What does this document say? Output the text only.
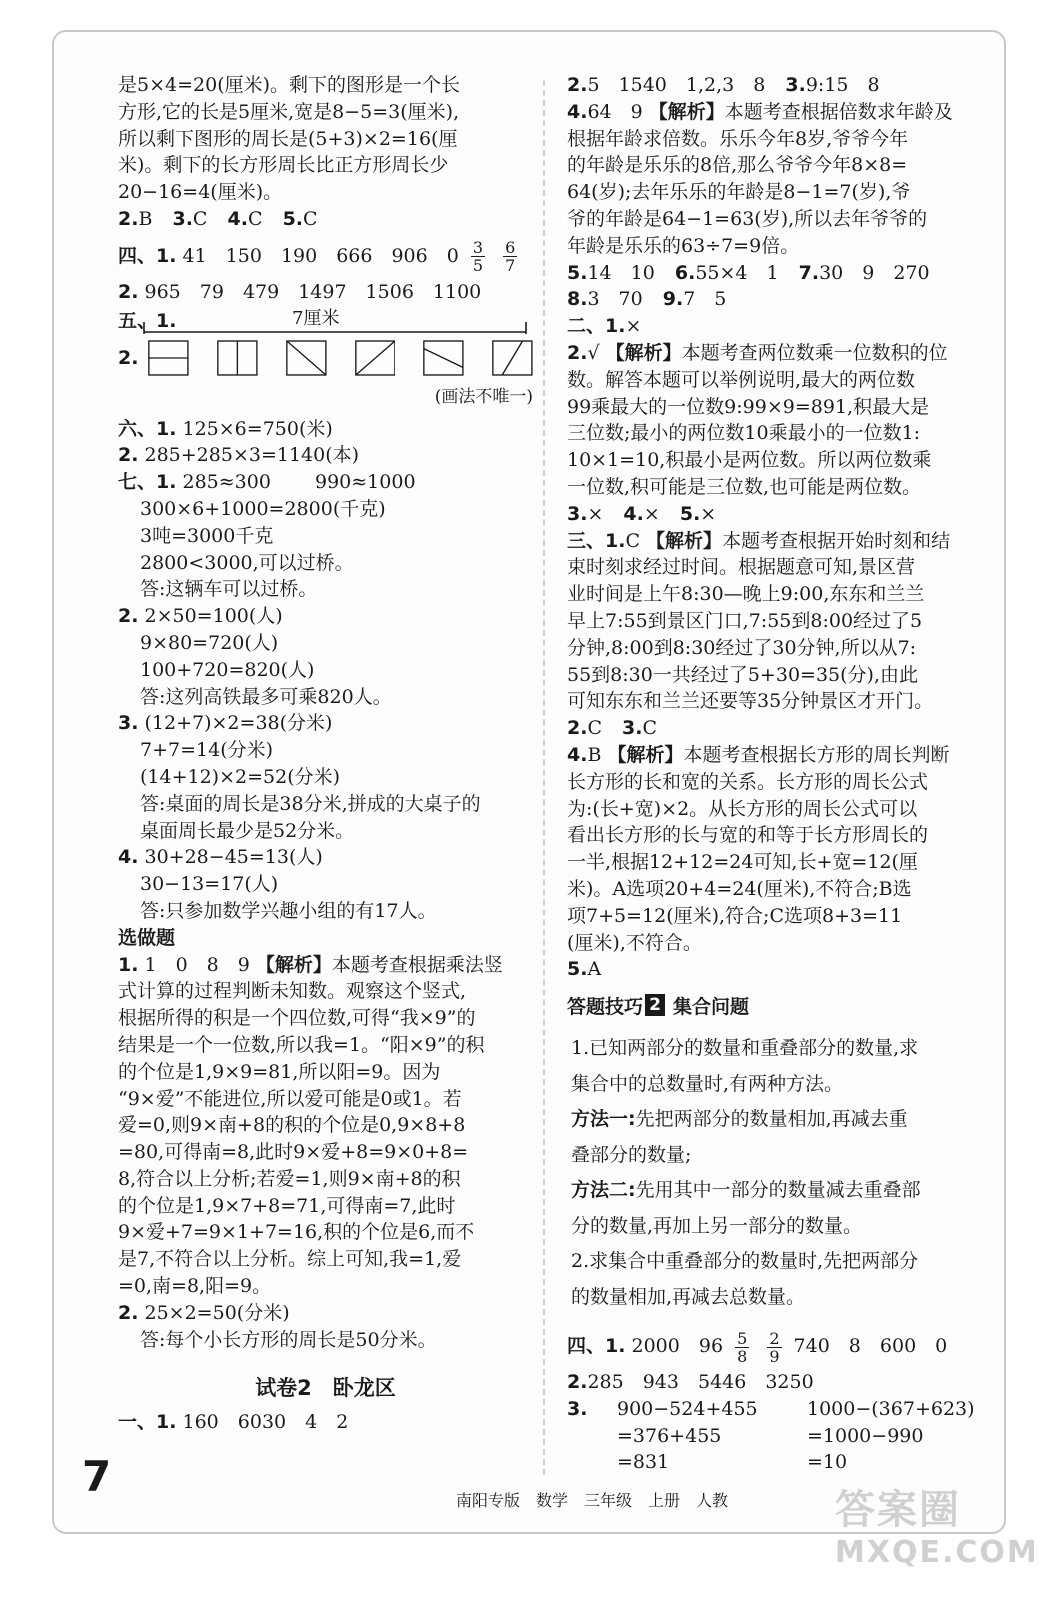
是5×4=20(厘米)。剩下的图形是一个长
方形,它的长是5厘米,宽是8−5=3(厘米),
所以剩下图形的周长是(5+3)×2=16(厘
米)。剩下的长方形周长比正方形周长少
20−16=4(厘米)。
2.B 3.C 4.C 5.C
四、1. 41　150　190　666　906　$0 \frac{3}{5}$
$\frac{6}{7}$
2. 965　79　479　1497　1506　1100
五、1.	7厘米
2.
(画法不唯一)
六、1. 125×6=750(米)
2. 285+285×3=1140(本)
七、1. 285≈300　　 990≈1000
300×6+1000=2800(千克)
3吨=3000千克
2800<3000,可以过桥。
答:这辆车可以过桥。
2. 2×50=100(人)
9×80=720(人)
100+720=820(人)
答:这列高铁最多可乘820人。
3. (12+7)×2=38(分米)
7+7=14(分米)
(14+12)×2=52(分米)
答:桌面的周长是38分米,拼成的大桌子的
桌面周长最少是52分米。
4. 30+28−45=13(人)
30−13=17(人)
答:只参加数学兴趣小组的有17人。
选做题
1. 1　0　8　9 【解析】本题考查根据乘法竖
式计算的过程判断未知数。观察这个竖式,
根据所得的积是一个四位数,可得“我×9”的
结果是一个一位数,所以我=1。“阳×9”的积
的个位是1,9×9=81,所以阳=9。因为
“9×爱”不能进位,所以爱可能是0或1。若
爱=0,则9×南+8的积的个位是0,9×8+8
=80,可得南=8,此时9×爱+8=9×0+8=
8,符合以上分析;若爱=1,则9×南+8的积
的个位是1,9×7+8=71,可得南=7,此时
9×爱+7=9×1+7=16,积的个位是6,而不
是7,不符合以上分析。综上可知,我=1,爱
=0,南=8,阳=9。
2. 25×2=50(分米)
答:每个小长方形的周长是50分米。
试卷2　卧龙区
一、1. 160　6030　4　2
2.5　1540　1,2,3　8 3.9:15　8
4.64　9 【解析】本题考查根据倍数求年龄及
根据年龄求倍数。乐乐今年8岁,爷爷今年
的年龄是乐乐的8倍,那么爷爷今年8×8=
64(岁);去年乐乐的年龄是8−1=7(岁),爷
爷的年龄是64−1=63(岁),所以去年爷爷的
年龄是乐乐的63÷7=9倍。
5.14　10 6.55×4　1 7.30　9　270
8.3　70 9.7　5
二、1.×
2.√ 【解析】本题考查两位数乘一位数积的位
数。解答本题可以举例说明,最大的两位数
99乘最大的一位数9:99×9=891,积最大是
三位数;最小的两位数10乘最小的一位数1:
10×1=10,积最小是两位数。所以两位数乘
一位数,积可能是三位数,也可能是两位数。
3.× 4.× 5.×
三、1.C 【解析】本题考查根据开始时刻和结
束时刻求经过时间。根据题意可知,景区营
业时间是上午8:30—晚上9:00,东东和兰兰
早上7:55到景区门口,7:55到8:00经过了5
分钟,8:00到8:30经过了30分钟,所以从7:
55到8:30一共经过了5+30=35(分),由此
可知东东和兰兰还要等35分钟景区才开门。
2.C 3.C
4.B 【解析】本题考查根据长方形的周长判断
长方形的长和宽的关系。长方形的周长公式
为:(长+宽)×2。从长方形的周长公式可以
看出长方形的长与宽的和等于长方形周长的
一半,根据12+12=24可知,长+宽=12(厘
米)。A选项20+4=24(厘米),不符合;B选
项7+5=12(厘米),符合;C选项8+3=11
(厘米),不符合。
5.A
答题技巧 2 集合问题
1.已知两部分的数量和重叠部分的数量,求
集合中的总数量时,有两种方法。
方法一:先把两部分的数量相加,再减去重
叠部分的数量;
方法二:先用其中一部分的数量减去重叠部
分的数量,再加上另一部分的数量。
2.求集合中重叠部分的数量时,先把两部分
的数量相加,再减去总数量。
四、1. 2000　$96 \frac{5}{8}$
$\frac{2}{9} 740$　8　600　0
2.285　943　5446　3250
3.	900−524+455
=376+455
=831
1000−(367+623)
=1000−990
=10
7	南阳专版　数学　三年级　上册　人教	答案圈
MXQE.COM
